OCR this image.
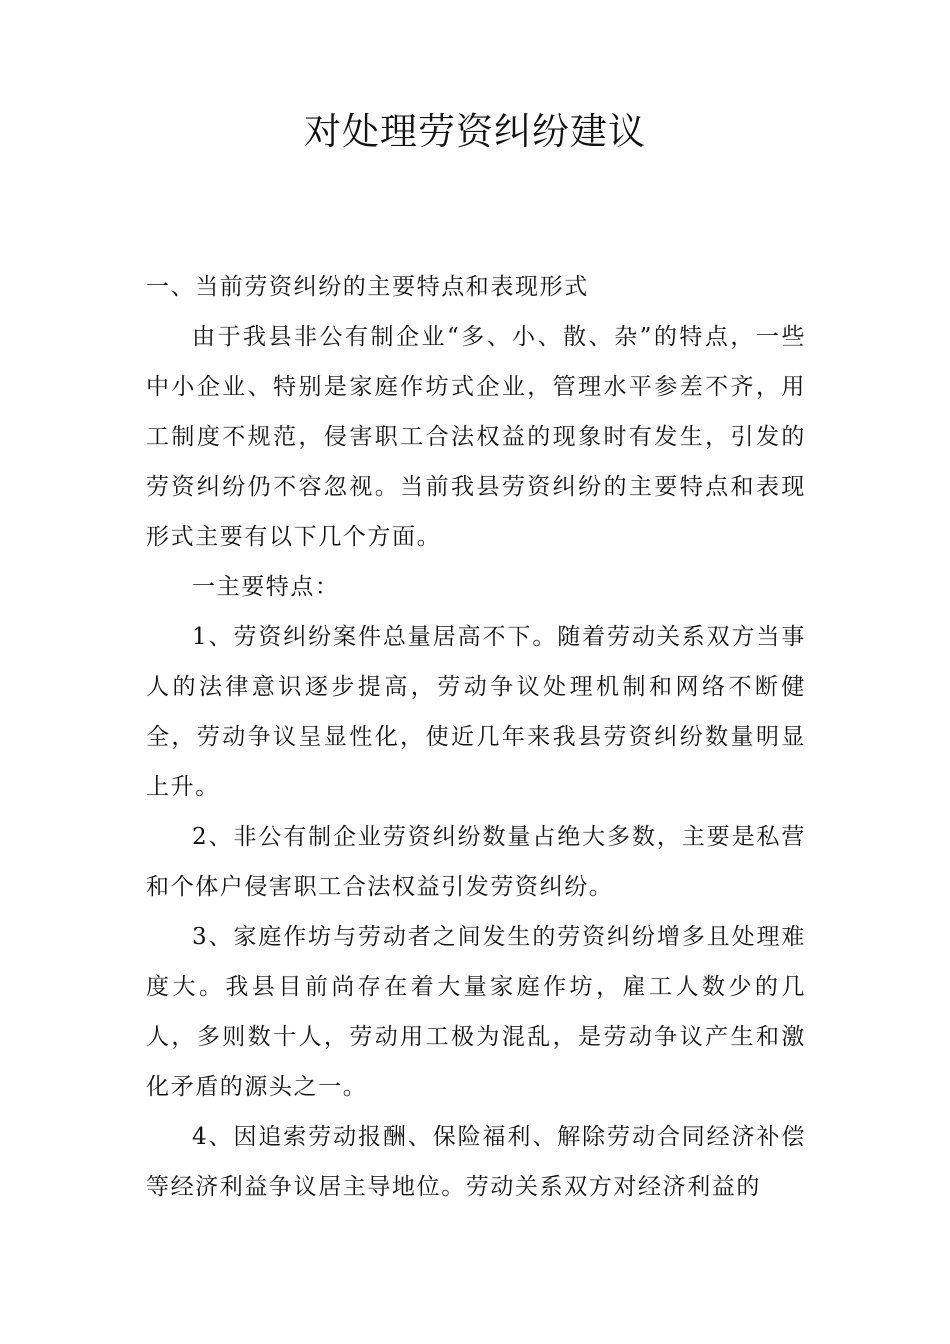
对处理劳资纠纷建议
一、当前劳资纠纷的主要特点和表现形式

由于我县非公有制企业“多、小、散、杂”的特点，一些中小企业、特别是家庭作坊式企业，管理水平参差不齐，用工制度不规范，侵害职工合法权益的现象时有发生，引发的劳资纠纷仍不容忽视。当前我县劳资纠纷的主要特点和表现形式主要有以下几个方面。

一主要特点：

1、劳资纠纷案件总量居高不下。随着劳动关系双方当事人的法律意识逐步提高，劳动争议处理机制和网络不断健全，劳动争议呈显性化，使近几年来我县劳资纠纷数量明显上升。

2、非公有制企业劳资纠纷数量占绝大多数，主要是私营和个体户侵害职工合法权益引发劳资纠纷。

3、家庭作坊与劳动者之间发生的劳资纠纷增多且处理难度大。我县目前尚存在着大量家庭作坊，雇工人数少的几人，多则数十人，劳动用工极为混乱，是劳动争议产生和激化矛盾的源头之一。

4、因追索劳动报酬、保险福利、解除劳动合同经济补偿等经济利益争议居主导地位。劳动关系双方对经济利益的
